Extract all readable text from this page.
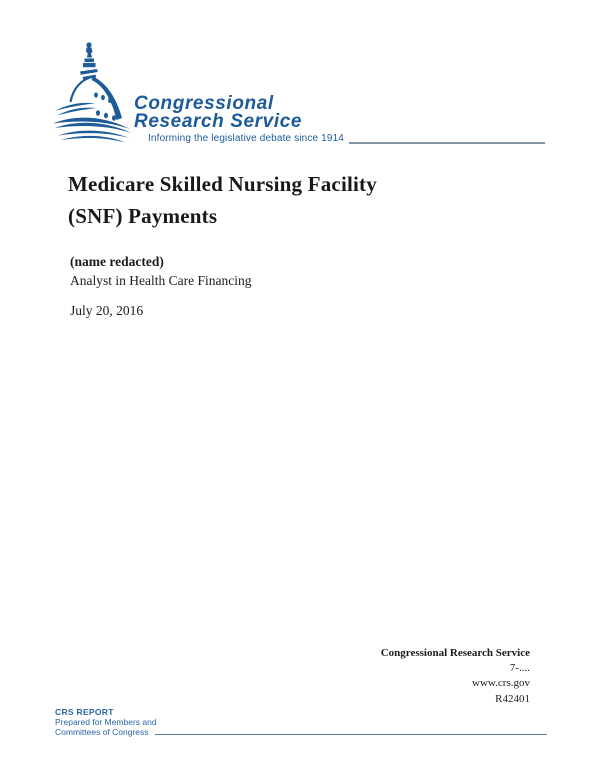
Congressional
Research Service
Informing the legislative debate since 1914
Medicare Skilled Nursing Facility
(SNF) Payments
(name redacted)
Analyst in Health Care Financing
July 20, 2016
Congressional Research Service
7-....
www.crs.gov
R42401
CRS REPORT
Prepared for Members and
Committees of Congress
